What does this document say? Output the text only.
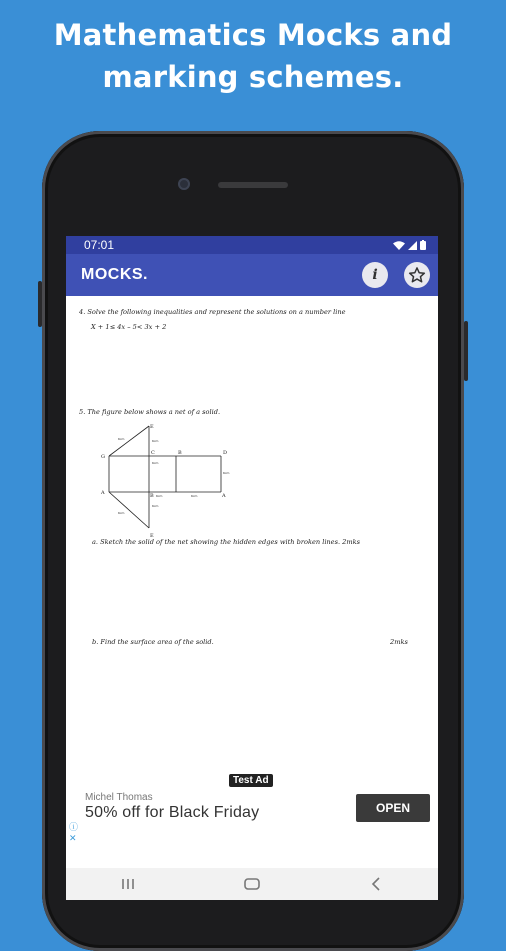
Mathematics Mocks and
marking schemes.
07:01
MOCKS.	i
4. Solve the following inequalities and represent the solutions on a number line
X + 1≤ 4x – 5< 3x + 2
5. The figure below shows a net of a solid.
E
G
C	B	D
A	B	A
E
6cm	6cm
6cm
6cm
6cm
6cm	6cm
6cm
a. Sketch the solid of the net showing the hidden edges with broken lines. 2mks
b. Find the surface area of the solid.	2mks
Test Ad
Michel Thomas
50% off for Black Friday	OPEN
ⓘ
✕
